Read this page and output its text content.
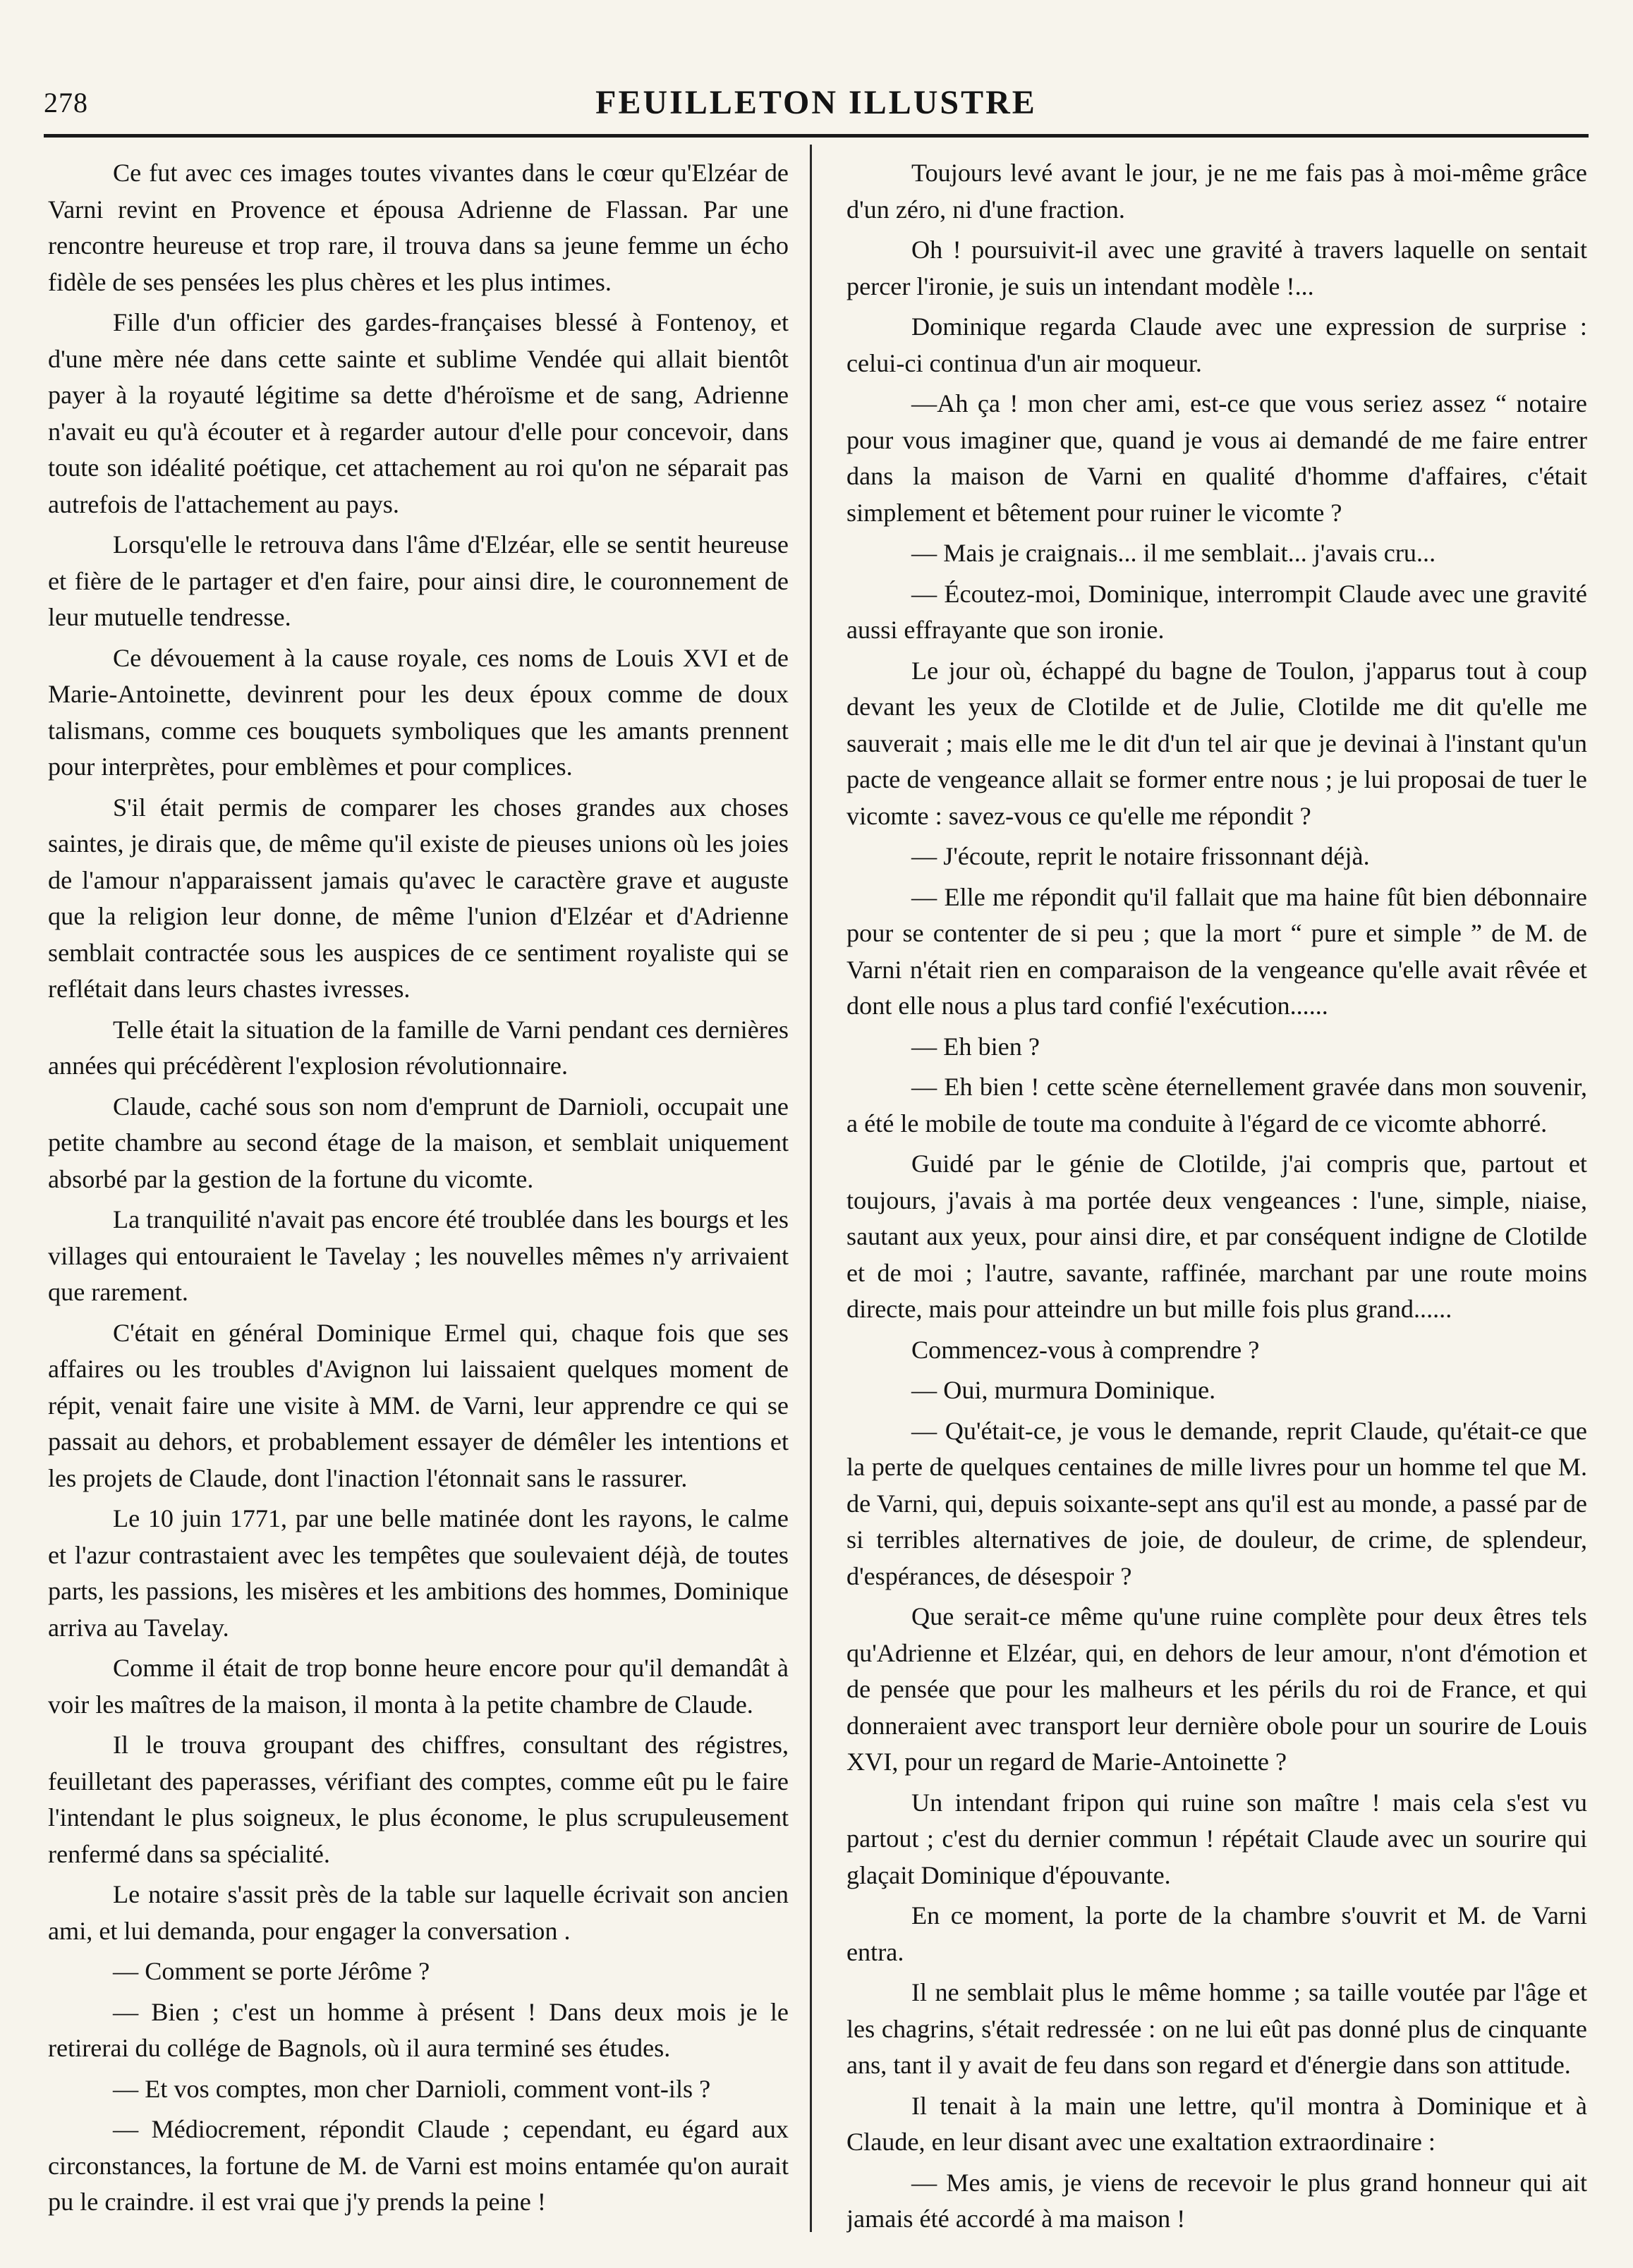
278	FEUILLETON ILLUSTRE

Ce fut avec ces images toutes vivantes dans le cœur qu'Elzéar de Varni revint en Provence et épousa Adrienne de Flassan. Par une rencontre heureuse et trop rare, il trouva dans sa jeune femme un écho fidèle de ses pensées les plus chères et les plus intimes.

Fille d'un officier des gardes-françaises blessé à Fontenoy, et d'une mère née dans cette sainte et sublime Vendée qui allait bientôt payer à la royauté légitime sa dette d'héroïsme et de sang, Adrienne n'avait eu qu'à écouter et à regarder autour d'elle pour concevoir, dans toute son idéalité poétique, cet attachement au roi qu'on ne séparait pas autrefois de l'attachement au pays.

Lorsqu'elle le retrouva dans l'âme d'Elzéar, elle se sentit heureuse et fière de le partager et d'en faire, pour ainsi dire, le couronnement de leur mutuelle tendresse.

Ce dévouement à la cause royale, ces noms de Louis XVI et de Marie-Antoinette, devinrent pour les deux époux comme de doux talismans, comme ces bouquets symboliques que les amants prennent pour interprètes, pour emblèmes et pour complices.

S'il était permis de comparer les choses grandes aux choses saintes, je dirais que, de même qu'il existe de pieuses unions où les joies de l'amour n'apparaissent jamais qu'avec le caractère grave et auguste que la religion leur donne, de même l'union d'Elzéar et d'Adrienne semblait contractée sous les auspices de ce sentiment royaliste qui se reflétait dans leurs chastes ivresses.

Telle était la situation de la famille de Varni pendant ces dernières années qui précédèrent l'explosion révolutionnaire.

Claude, caché sous son nom d'emprunt de Darnioli, occupait une petite chambre au second étage de la maison, et semblait uniquement absorbé par la gestion de la fortune du vicomte.

La tranquilité n'avait pas encore été troublée dans les bourgs et les villages qui entouraient le Tavelay ; les nouvelles mêmes n'y arrivaient que rarement.

C'était en général Dominique Ermel qui, chaque fois que ses affaires ou les troubles d'Avignon lui laissaient quelques moment de répit, venait faire une visite à MM. de Varni, leur apprendre ce qui se passait au dehors, et probablement essayer de démêler les intentions et les projets de Claude, dont l'inaction l'étonnait sans le rassurer.

Le 10 juin 1771, par une belle matinée dont les rayons, le calme et l'azur contrastaient avec les tempêtes que soulevaient déjà, de toutes parts, les passions, les misères et les ambitions des hommes, Dominique arriva au Tavelay.

Comme il était de trop bonne heure encore pour qu'il demandât à voir les maîtres de la maison, il monta à la petite chambre de Claude.

Il le trouva groupant des chiffres, consultant des régistres, feuilletant des paperasses, vérifiant des comptes, comme eût pu le faire l'intendant le plus soigneux, le plus économe, le plus scrupuleusement renfermé dans sa spécialité.

Le notaire s'assit près de la table sur laquelle écrivait son ancien ami, et lui demanda, pour engager la conversation .

— Comment se porte Jérôme ?

— Bien ; c'est un homme à présent ! Dans deux mois je le retirerai du collége de Bagnols, où il aura terminé ses études.

— Et vos comptes, mon cher Darnioli, comment vont-ils ?

— Médiocrement, répondit Claude ; cependant, eu égard aux circonstances, la fortune de M. de Varni est moins entamée qu'on aurait pu le craindre. il est vrai que j'y prends la peine !

Toujours levé avant le jour, je ne me fais pas à moi-même grâce d'un zéro, ni d'une fraction.

Oh ! poursuivit-il avec une gravité à travers laquelle on sentait percer l'ironie, je suis un intendant modèle !...

Dominique regarda Claude avec une expression de surprise : celui-ci continua d'un air moqueur.

—Ah ça ! mon cher ami, est-ce que vous seriez assez “ notaire pour vous imaginer que, quand je vous ai demandé de me faire entrer dans la maison de Varni en qualité d'homme d'affaires, c'était simplement et bêtement pour ruiner le vicomte ?

— Mais je craignais... il me semblait... j'avais cru...

— Écoutez-moi, Dominique, interrompit Claude avec une gravité aussi effrayante que son ironie.

Le jour où, échappé du bagne de Toulon, j'apparus tout à coup devant les yeux de Clotilde et de Julie, Clotilde me dit qu'elle me sauverait ; mais elle me le dit d'un tel air que je devinai à l'instant qu'un pacte de vengeance allait se former entre nous ; je lui proposai de tuer le vicomte : savez-vous ce qu'elle me répondit ?

— J'écoute, reprit le notaire frissonnant déjà.

— Elle me répondit qu'il fallait que ma haine fût bien débonnaire pour se contenter de si peu ; que la mort “ pure et simple ” de M. de Varni n'était rien en comparaison de la vengeance qu'elle avait rêvée et dont elle nous a plus tard confié l'exécution......

— Eh bien ?

— Eh bien ! cette scène éternellement gravée dans mon souvenir, a été le mobile de toute ma conduite à l'égard de ce vicomte abhorré.

Guidé par le génie de Clotilde, j'ai compris que, partout et toujours, j'avais à ma portée deux vengeances : l'une, simple, niaise, sautant aux yeux, pour ainsi dire, et par conséquent indigne de Clotilde et de moi ; l'autre, savante, raffinée, marchant par une route moins directe, mais pour atteindre un but mille fois plus grand......

Commencez-vous à comprendre ?

— Oui, murmura Dominique.

— Qu'était-ce, je vous le demande, reprit Claude, qu'était-ce que la perte de quelques centaines de mille livres pour un homme tel que M. de Varni, qui, depuis soixante-sept ans qu'il est au monde, a passé par de si terribles alternatives de joie, de douleur, de crime, de splendeur, d'espérances, de désespoir ?

Que serait-ce même qu'une ruine complète pour deux êtres tels qu'Adrienne et Elzéar, qui, en dehors de leur amour, n'ont d'émotion et de pensée que pour les malheurs et les périls du roi de France, et qui donneraient avec transport leur dernière obole pour un sourire de Louis XVI, pour un regard de Marie-Antoinette ?

Un intendant fripon qui ruine son maître ! mais cela s'est vu partout ; c'est du dernier commun ! répétait Claude avec un sourire qui glaçait Dominique d'épouvante.

En ce moment, la porte de la chambre s'ouvrit et M. de Varni entra.

Il ne semblait plus le même homme ; sa taille voutée par l'âge et les chagrins, s'était redressée : on ne lui eût pas donné plus de cinquante ans, tant il y avait de feu dans son regard et d'énergie dans son attitude.

Il tenait à la main une lettre, qu'il montra à Dominique et à Claude, en leur disant avec une exaltation extraordinaire :

— Mes amis, je viens de recevoir le plus grand honneur qui ait jamais été accordé à ma maison !
